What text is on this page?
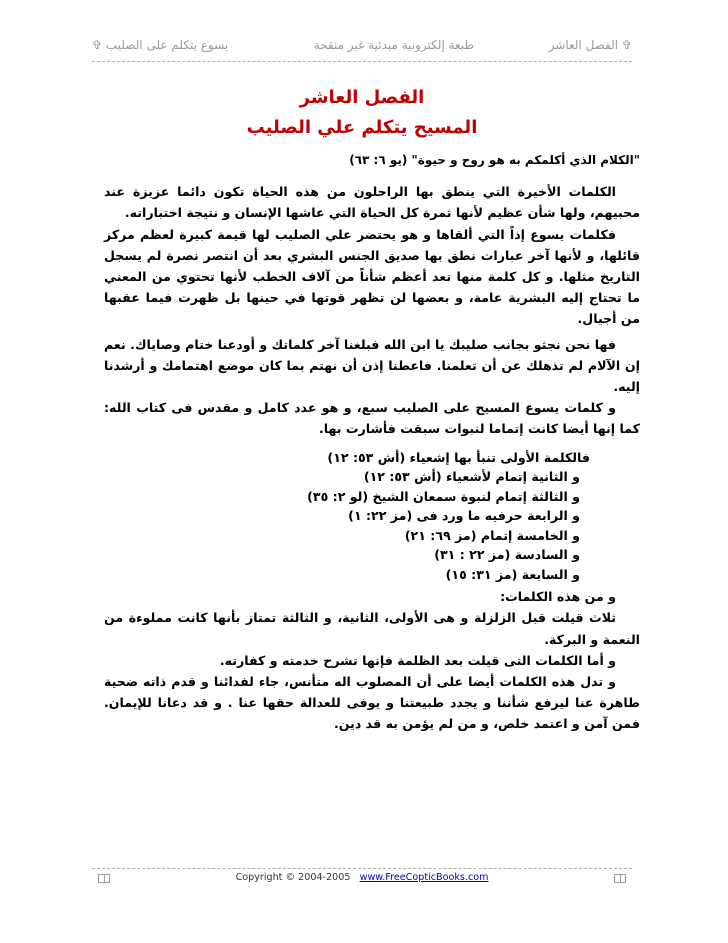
✞ الفصل العاشر
طبعة إلكترونية مبدئية غير منقحة
يسوع يتكلم على الصليب ✞
الفصل العاشر
المسيح يتكلم علي الصليب

"الكلام الذي أكلمكم به هو روح و حيوة" (يو ٦: ٦٣)

الكلمات الأخيرة التي ينطق بها الراحلون من هذه الحياة تكون دائما عزيزة عند محبيهم، ولها شأن عظيم لأنها ثمرة كل الحياة التي عاشها الإنسان و نتيجة اختباراته.

فكلمات يسوع إذاً التي ألقاها و هو يحتضر علي الصليب لها قيمة كبيرة لعظم مركز قائلها، و لأنها آخر عبارات نطق بها صديق الجنس البشري بعد أن انتصر نصرة لم يسجل التاريخ مثلها. و كل كلمة منها تعد أعظم شأناً من آلاف الخطب لأنها تحتوي من المعني ما تحتاج إليه البشرية عامة، و بعضها لن تظهر قوتها في حينها بل ظهرت فيما عقبها من أجيال.

فها نحن نجثو بجانب صليبك يا ابن الله فبلغنا آخر كلماتك و أودعنا ختام وصاياك. نعم إن الآلام لم تذهلك عن أن تعلمنا. فاعطنا إذن أن نهتم بما كان موضع اهتمامك و أرشدنا إليه.

و كلمات يسوع المسيح على الصليب سبع، و هو عدد كامل و مقدس فى كتاب الله: كما إنها أيضا كانت إتماما لنبوات سبقت فأشارت بها.

فالكلمة الأولى تنبأ بها إشعياء (أش ٥٣: ١٢)
و الثانية إتمام لأشعياء (أش ٥٣: ١٢)
و الثالثة إتمام لنبوة سمعان الشيخ (لو ٢: ٣٥)
و الرابعة حرفيه ما ورد فى (مز ٢٢: ١)
و الخامسة إتمام (مز ٦٩: ٢١)
و السادسة (مز ٢٢ : ٣١)
و السابعة (مز ٣١: ١٥)

و من هذه الكلمات:

ثلاث قيلت قبل الزلزلة و هى الأولى، الثانية، و الثالثة تمتاز بأنها كانت مملوءة من النعمة و البركة.

و أما الكلمات التى قيلت بعد الظلمة فإنها تشرح خدمته و كفارته.

و تدل هذه الكلمات أيضا على أن المصلوب اله متأنس، جاء لفدائنا و قدم ذاته ضحية طاهرة عنا ليرفع شأننا و يجدد طبيعتنا و يوفى للعدالة حقها عنا . و قد دعانا للإيمان. فمن آمن و اعتمد خلص، و من لم يؤمن به قد دين.

Copyright © 2004-2005 www.FreeCopticBooks.com
